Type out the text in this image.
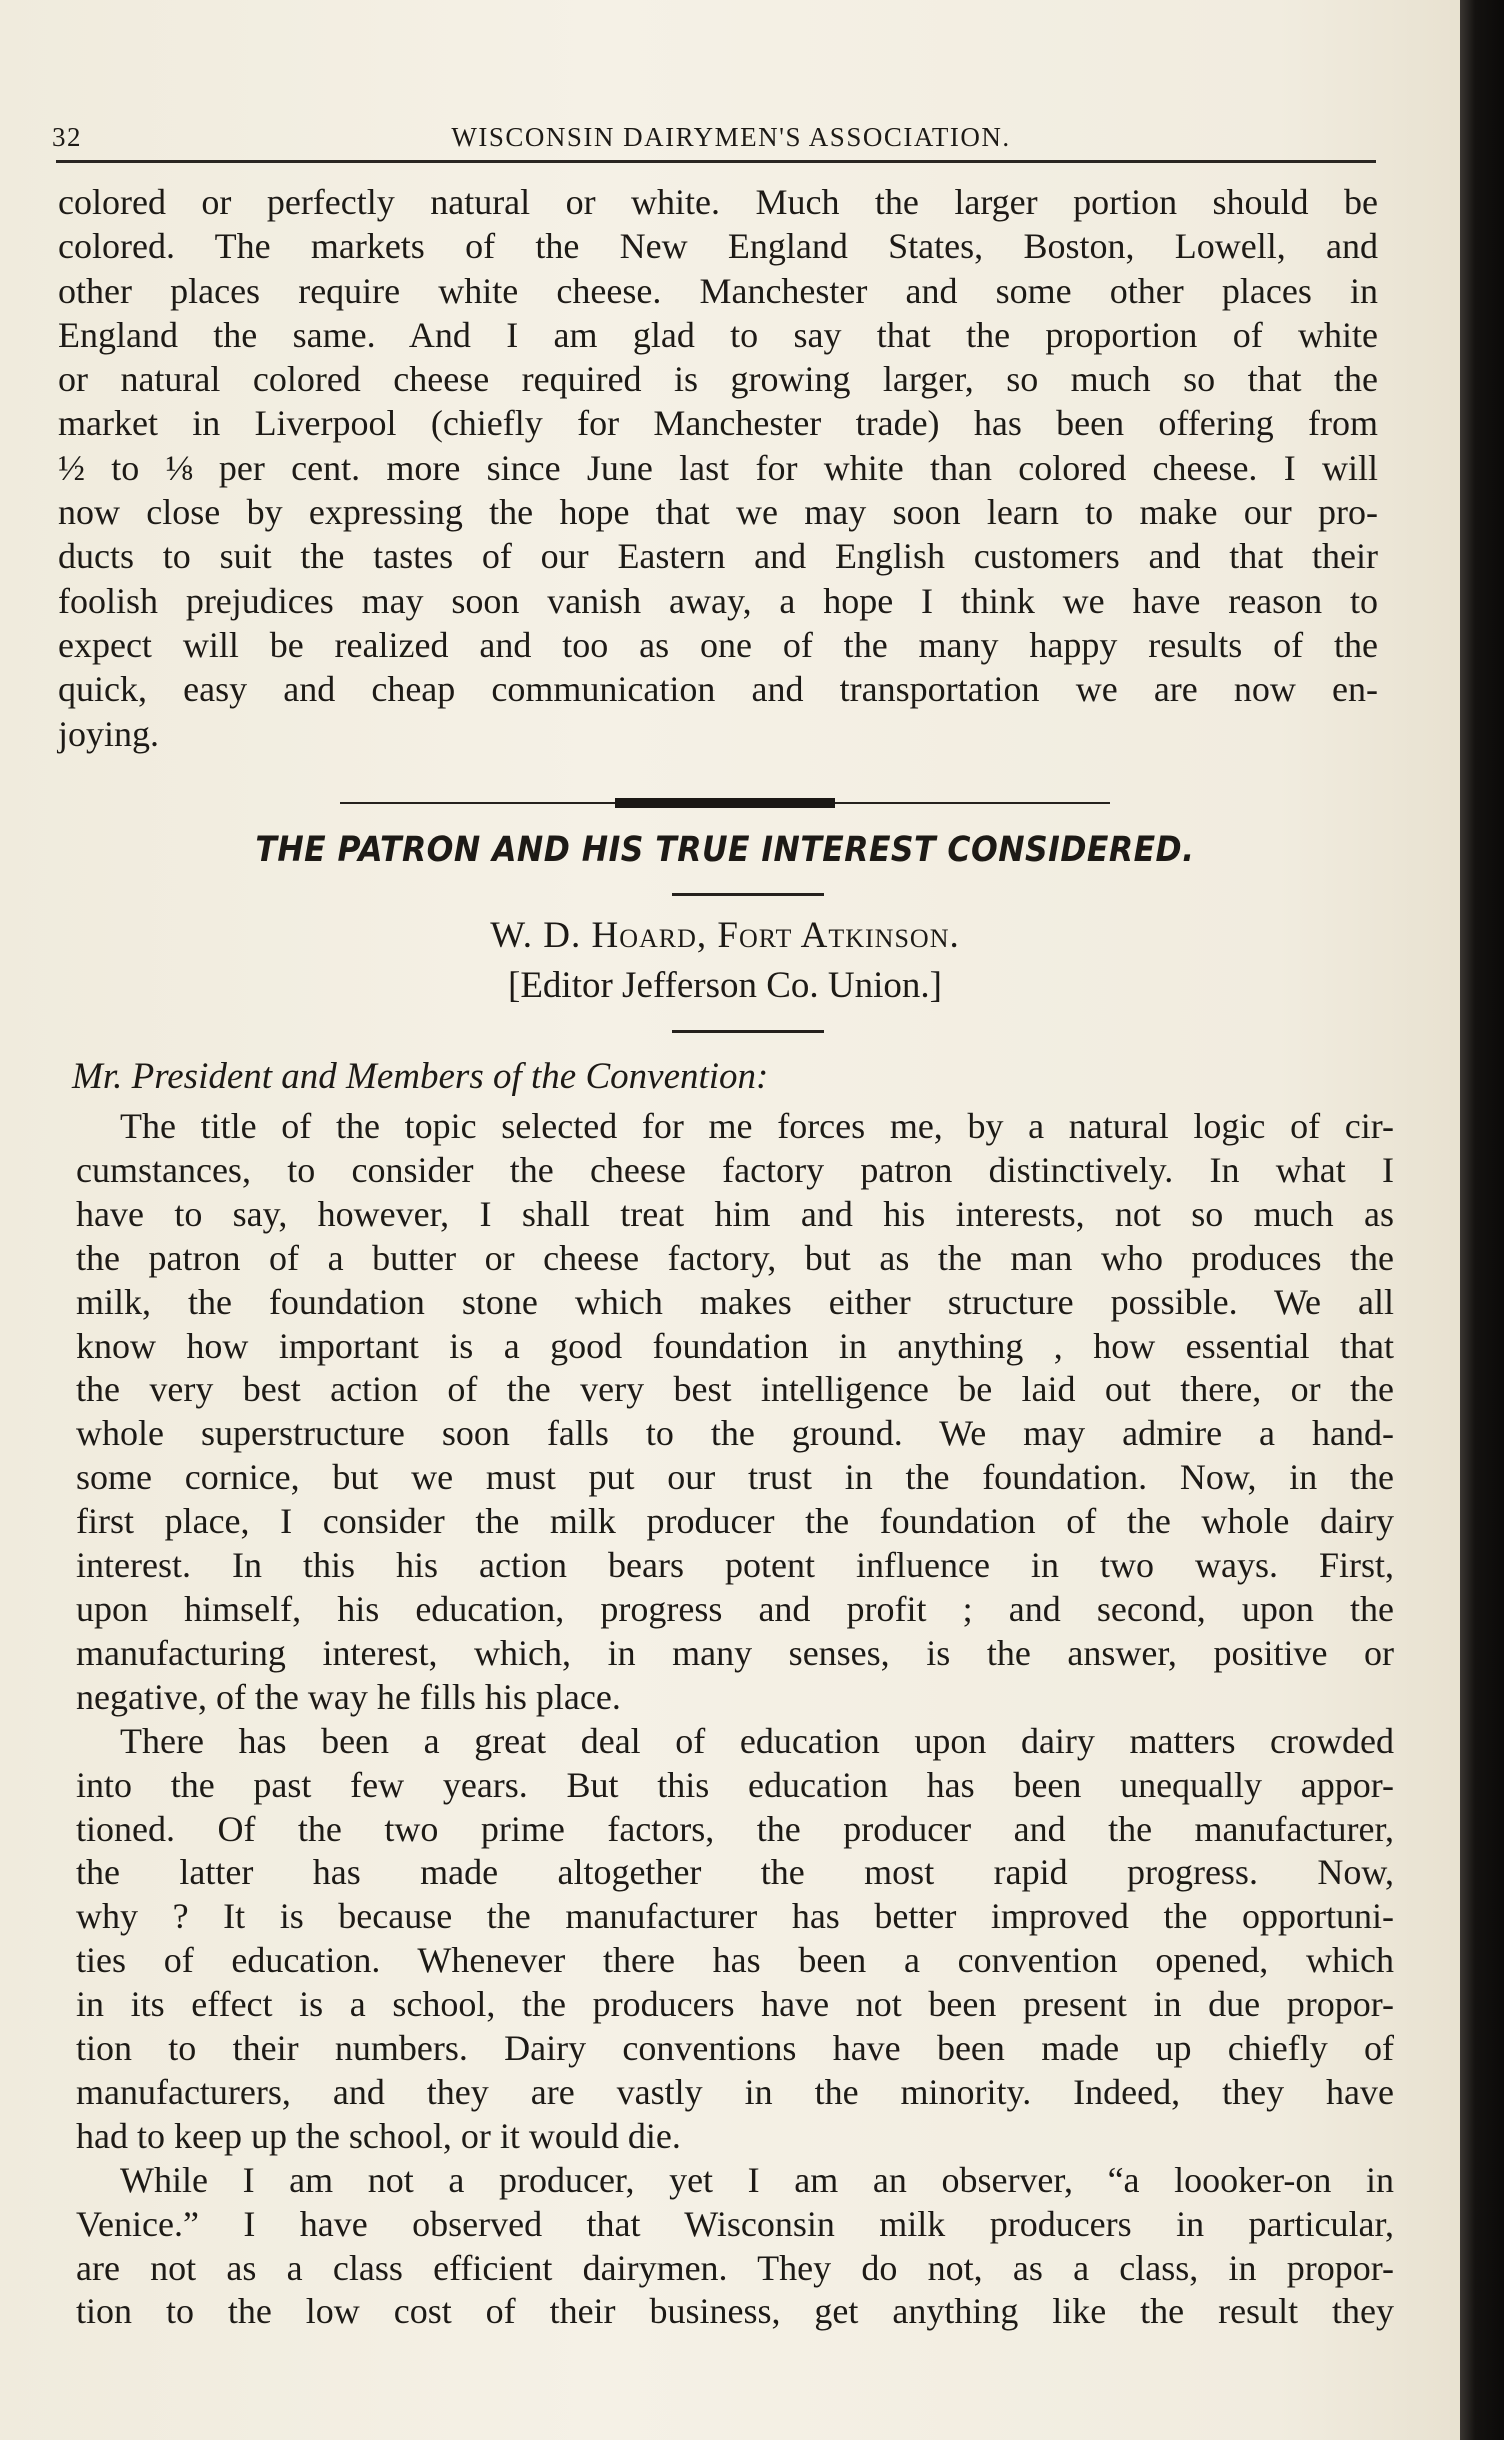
32	WISCONSIN DAIRYMEN'S ASSOCIATION.

colored or perfectly natural or white. Much the larger portion should be

colored. The markets of the New England States, Boston, Lowell, and

other places require white cheese. Manchester and some other places in

England the same. And I am glad to say that the proportion of white

or natural colored cheese required is growing larger, so much so that the

market in Liverpool (chiefly for Manchester trade) has been offering from

½ to ⅛ per cent. more since June last for white than colored cheese. I will

now close by expressing the hope that we may soon learn to make our pro-

ducts to suit the tastes of our Eastern and English customers and that their

foolish prejudices may soon vanish away, a hope I think we have reason to

expect will be realized and too as one of the many happy results of the

quick, easy and cheap communication and transportation we are now en-

joying.

THE PATRON AND HIS TRUE INTEREST CONSIDERED.
W. D. Hoard, Fort Atkinson.
[Editor Jefferson Co. Union.]
Mr. President and Members of the Convention:

The title of the topic selected for me forces me, by a natural logic of cir-

cumstances, to consider the cheese factory patron distinctively. In what I

have to say, however, I shall treat him and his interests, not so much as

the patron of a butter or cheese factory, but as the man who produces the

milk, the foundation stone which makes either structure possible. We all

know how important is a good foundation in anything , how essential that

the very best action of the very best intelligence be laid out there, or the

whole superstructure soon falls to the ground. We may admire a hand-

some cornice, but we must put our trust in the foundation. Now, in the

first place, I consider the milk producer the foundation of the whole dairy

interest. In this his action bears potent influence in two ways. First,

upon himself, his education, progress and profit ; and second, upon the

manufacturing interest, which, in many senses, is the answer, positive or

negative, of the way he fills his place.

There has been a great deal of education upon dairy matters crowded

into the past few years. But this education has been unequally appor-

tioned. Of the two prime factors, the producer and the manufacturer,

the latter has made altogether the most rapid progress. Now,

why ? It is because the manufacturer has better improved the opportuni-

ties of education. Whenever there has been a convention opened, which

in its effect is a school, the producers have not been present in due propor-

tion to their numbers. Dairy conventions have been made up chiefly of

manufacturers, and they are vastly in the minority. Indeed, they have

had to keep up the school, or it would die.

While I am not a producer, yet I am an observer, “a loooker-on in

Venice.” I have observed that Wisconsin milk producers in particular,

are not as a class efficient dairymen. They do not, as a class, in propor-

tion to the low cost of their business, get anything like the result they
